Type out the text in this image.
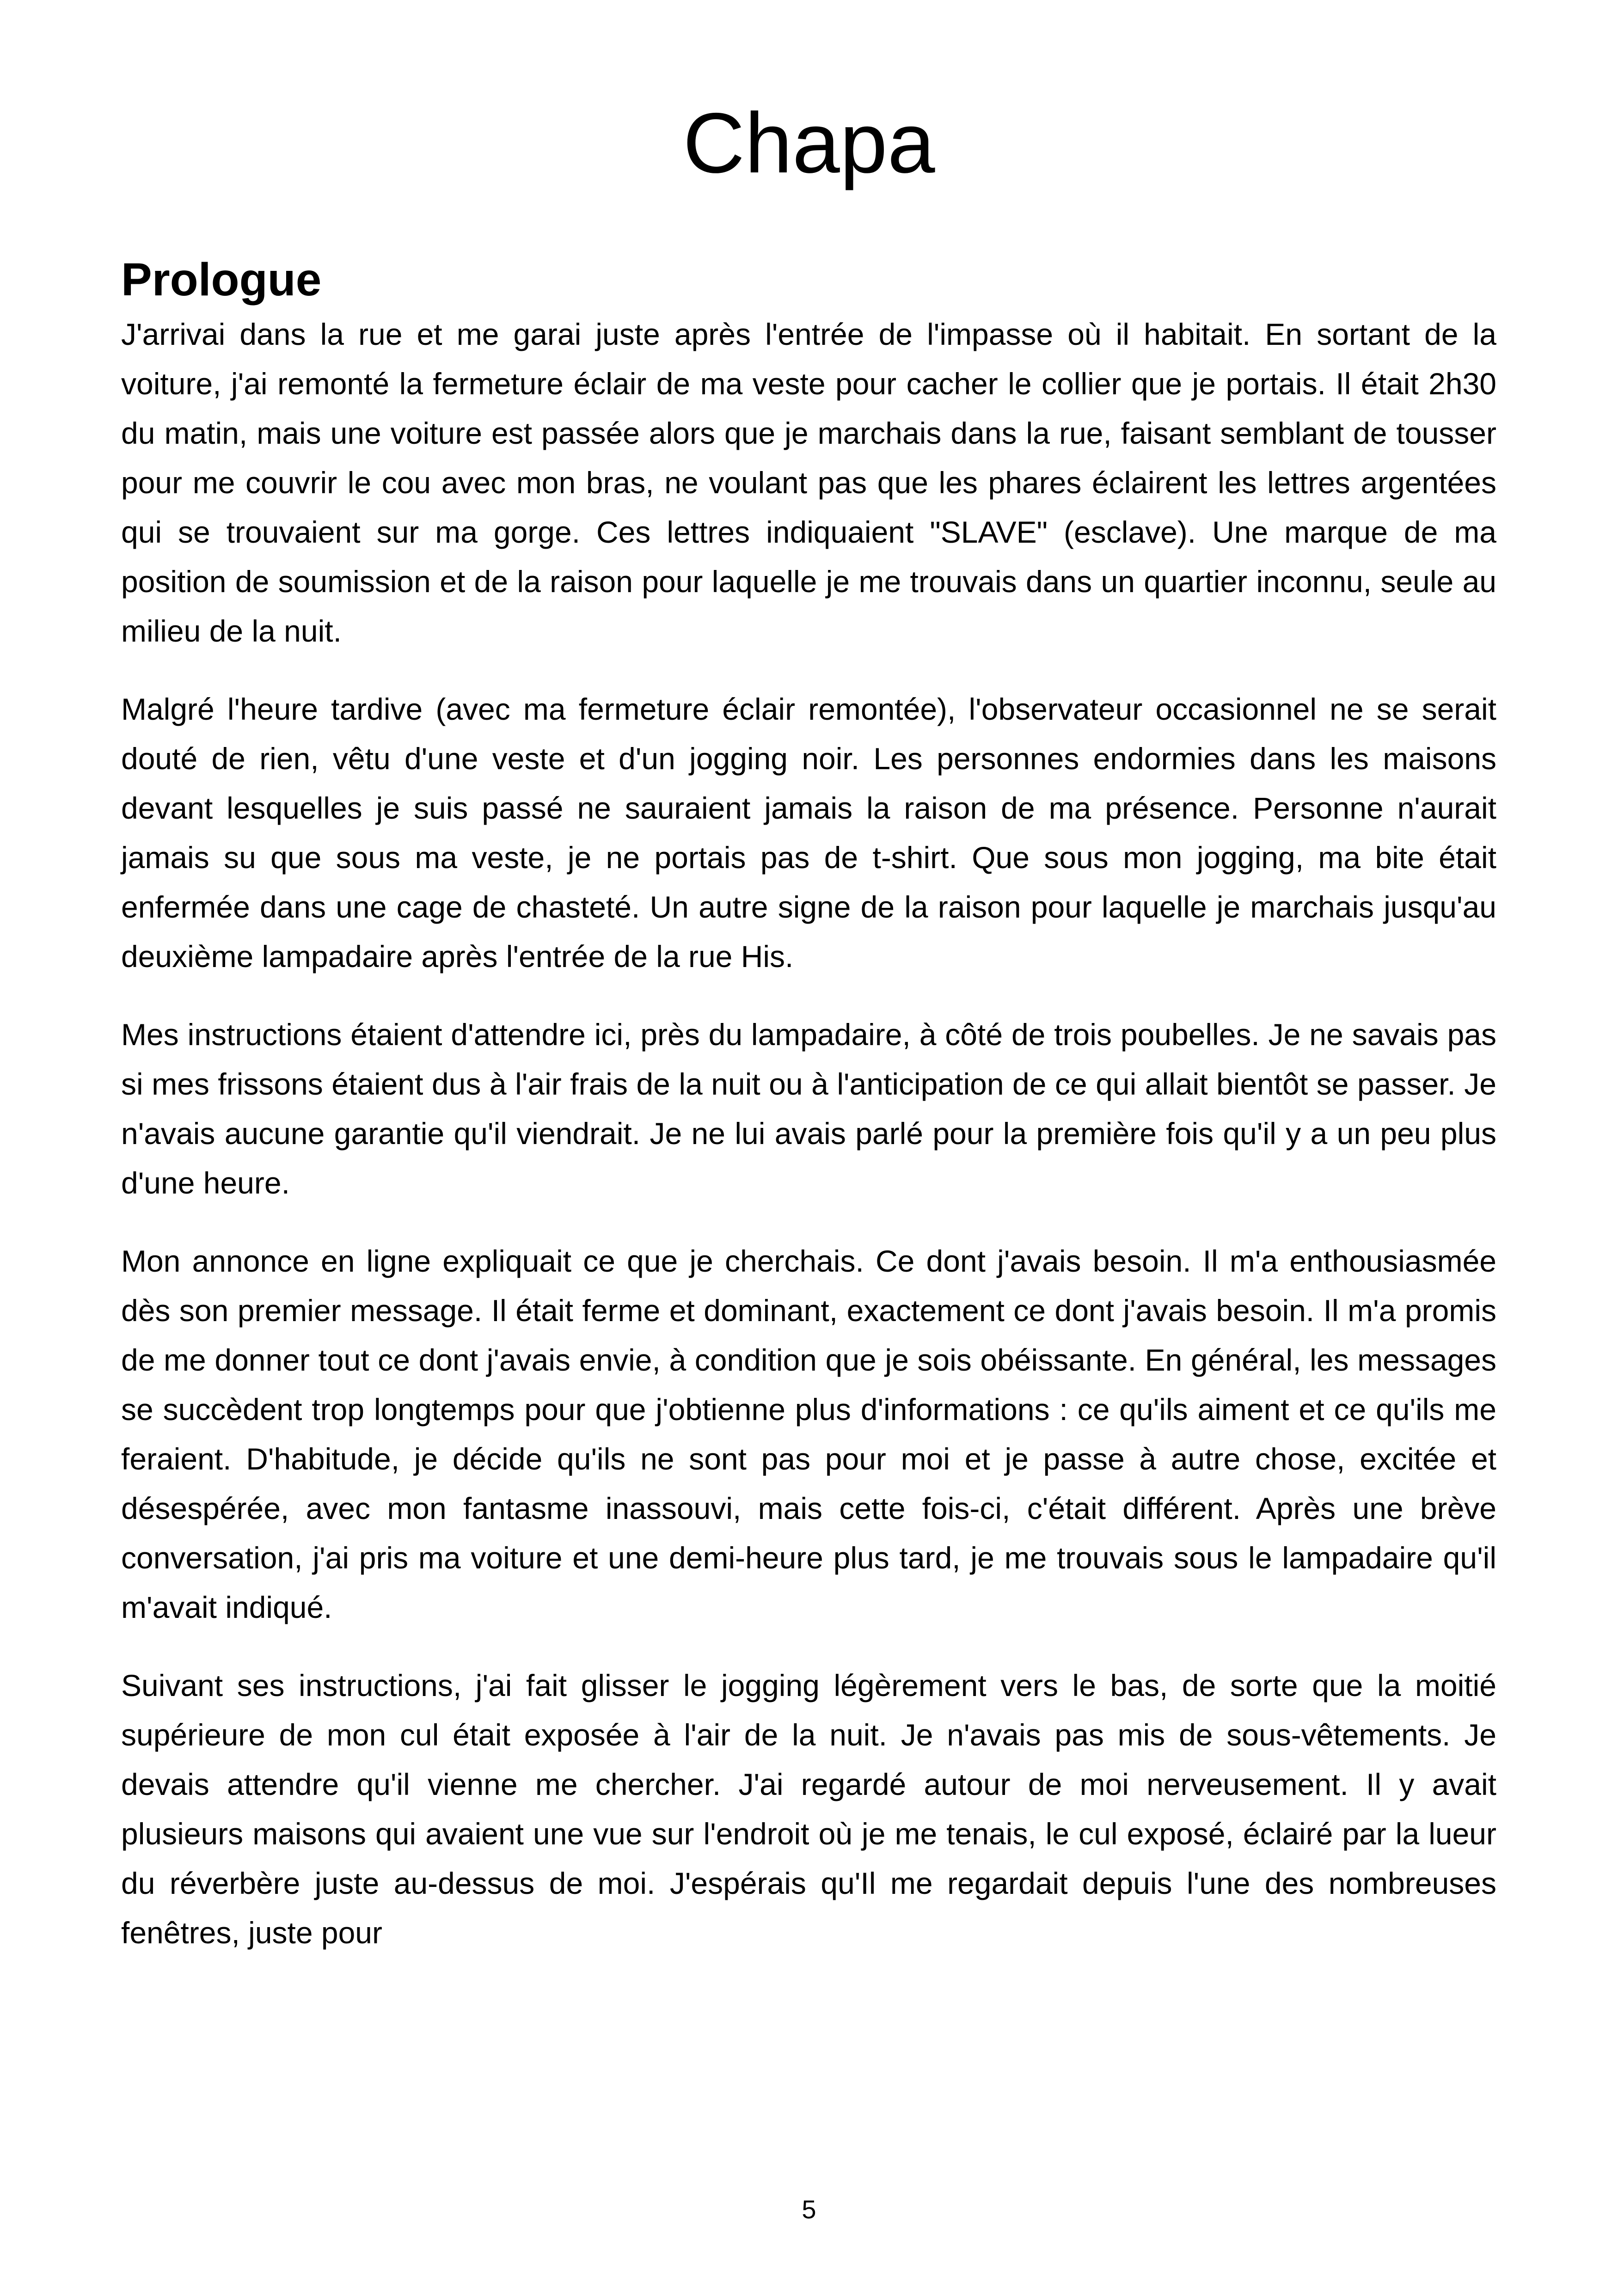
Chapa
Prologue

J'arrivai dans la rue et me garai juste après l'entrée de l'impasse où il habitait. En sortant de la voiture, j'ai remonté la fermeture éclair de ma veste pour cacher le collier que je portais. Il était 2h30 du matin, mais une voiture est passée alors que je marchais dans la rue, faisant semblant de tousser pour me couvrir le cou avec mon bras, ne voulant pas que les phares éclairent les lettres argentées qui se trouvaient sur ma gorge. Ces lettres indiquaient "SLAVE" (esclave). Une marque de ma position de soumission et de la raison pour laquelle je me trouvais dans un quartier inconnu, seule au milieu de la nuit.

Malgré l'heure tardive (avec ma fermeture éclair remontée), l'observateur occasionnel ne se serait douté de rien, vêtu d'une veste et d'un jogging noir. Les personnes endormies dans les maisons devant lesquelles je suis passé ne sauraient jamais la raison de ma présence. Personne n'aurait jamais su que sous ma veste, je ne portais pas de t-shirt. Que sous mon jogging, ma bite était enfermée dans une cage de chasteté. Un autre signe de la raison pour laquelle je marchais jusqu'au deuxième lampadaire après l'entrée de la rue His.

Mes instructions étaient d'attendre ici, près du lampadaire, à côté de trois poubelles. Je ne savais pas si mes frissons étaient dus à l'air frais de la nuit ou à l'anticipation de ce qui allait bientôt se passer. Je n'avais aucune garantie qu'il viendrait. Je ne lui avais parlé pour la première fois qu'il y a un peu plus d'une heure.

Mon annonce en ligne expliquait ce que je cherchais. Ce dont j'avais besoin. Il m'a enthousiasmée dès son premier message. Il était ferme et dominant, exactement ce dont j'avais besoin. Il m'a promis de me donner tout ce dont j'avais envie, à condition que je sois obéissante. En général, les messages se succèdent trop longtemps pour que j'obtienne plus d'informations : ce qu'ils aiment et ce qu'ils me feraient. D'habitude, je décide qu'ils ne sont pas pour moi et je passe à autre chose, excitée et désespérée, avec mon fantasme inassouvi, mais cette fois-ci, c'était différent. Après une brève conversation, j'ai pris ma voiture et une demi-heure plus tard, je me trouvais sous le lampadaire qu'il m'avait indiqué.

Suivant ses instructions, j'ai fait glisser le jogging légèrement vers le bas, de sorte que la moitié supérieure de mon cul était exposée à l'air de la nuit. Je n'avais pas mis de sous-vêtements. Je devais attendre qu'il vienne me chercher. J'ai regardé autour de moi nerveusement. Il y avait plusieurs maisons qui avaient une vue sur l'endroit où je me tenais, le cul exposé, éclairé par la lueur du réverbère juste au-dessus de moi. J'espérais qu'Il me regardait depuis l'une des nombreuses fenêtres, juste pour

5
